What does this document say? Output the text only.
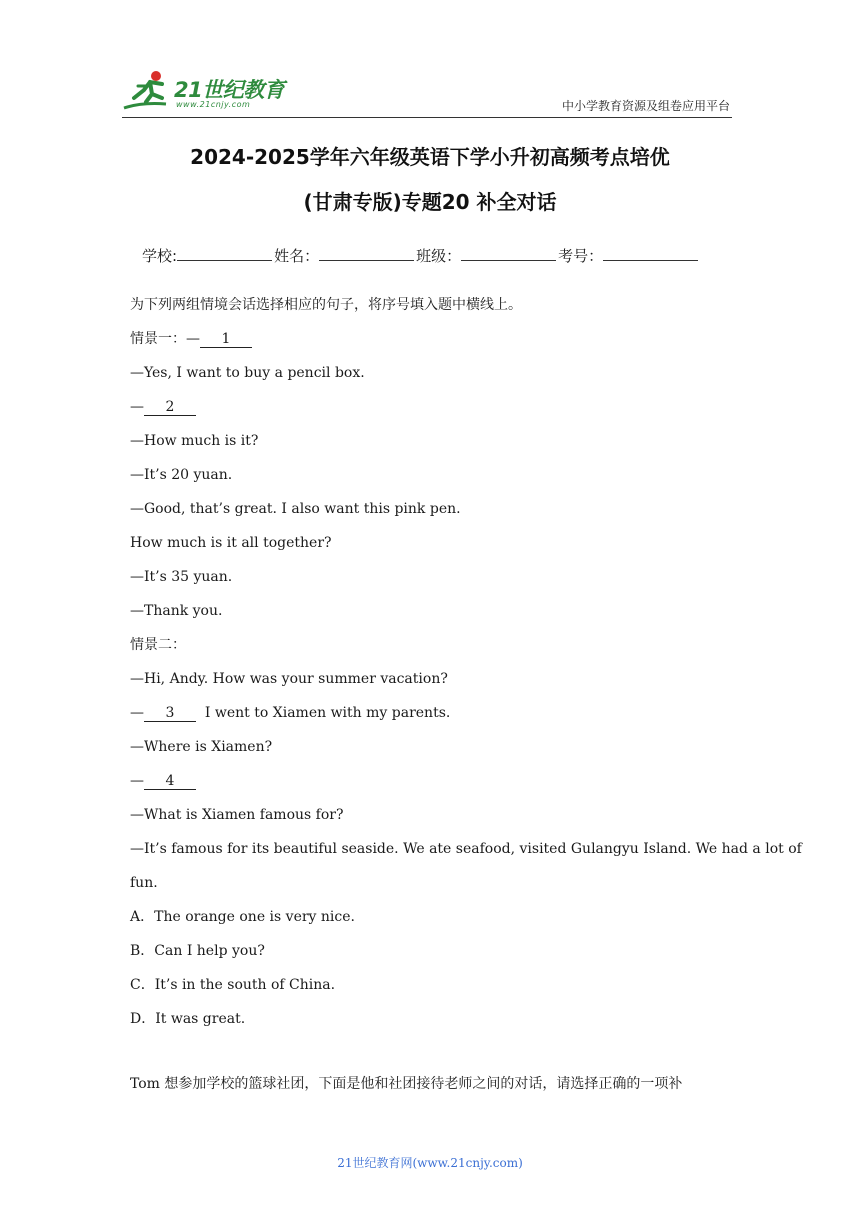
21世纪教育
www.21cnjy.com	中小学教育资源及组卷应用平台
2024-2025学年六年级英语下学小升初高频考点培优
(甘肃专版)专题20 补全对话
学校:	姓名：	班级：	考号：
为下列两组情境会话选择相应的句子，将序号填入题中横线上。
情景一：— 1
—Yes, I want to buy a pencil box.
— 2
—How much is it?
—It’s 20 yuan.
—Good, that’s great. I also want this pink pen.
How much is it all together?
—It’s 35 yuan.
—Thank you.
情景二：
—Hi, Andy. How was your summer vacation?
— 3 I went to Xiamen with my parents.
—Where is Xiamen?
— 4
—What is Xiamen famous for?
—It’s famous for its beautiful seaside. We ate seafood, visited Gulangyu Island. We had a lot of
fun.
A．The orange one is very nice.
B．Can I help you?
C．It’s in the south of China.
D．It was great.
Tom 想参加学校的篮球社团，下面是他和社团接待老师之间的对话，请选择正确的一项补
21世纪教育网(www.21cnjy.com)
